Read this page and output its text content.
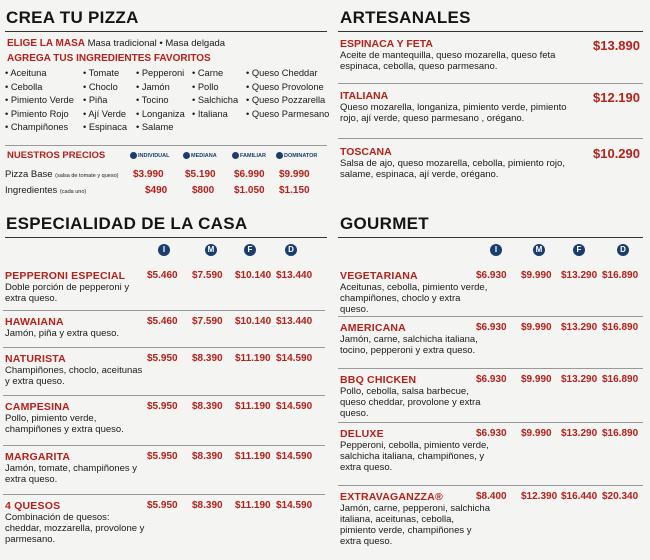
CREA TU PIZZA
ELIGE LA MASA Masa tradicional • Masa delgada
AGREGA TUS INGREDIENTES FAVORITOS
• Aceituna
• Cebolla
• Pimiento Verde
• Pimiento Rojo
• Champiñones
• Tomate
• Choclo
• Piña
• Ají Verde
• Espinaca
• Pepperoni
• Jamón
• Tocino
• Longaniza
• Salame
• Carne
• Pollo
• Salchicha
• Italiana
• Queso Cheddar
• Queso Provolone
• Queso Pozzarella
• Queso Parmesano
NUESTROS PRECIOS	INDIVIDUAL	MEDIANA	FAMILIAR	DOMINATOR
Pizza Base (salsa de tomate y queso) $3.990 $5.190 $6.990 $9.990
Ingredientes (cada uno)	$490 $800 $1.050 $1.150
ARTESANALES
ESPINACA Y FETA
Aceite de mantequilla, queso mozarella, queso feta espinaca, cebolla, queso parmesano.
$13.890
ITALIANA
Queso mozarella, longaniza, pimiento verde, pimiento rojo, ají verde, queso parmesano , orégano.
$12.190
TOSCANA
Salsa de ajo, queso mozarella, cebolla, pimiento rojo, salame, espinaca, ají verde, orégano.
$10.290
ESPECIALIDAD DE LA CASA
I	M	F	D
PEPPERONI ESPECIAL
Doble porción de pepperoni y extra queso.
$5.460 $7.590 $10.140 $13.440
HAWAIANA
Jamón, piña y extra queso.
$5.460 $7.590 $10.140 $13.440
NATURISTA
Champiñones, choclo, aceitunas y extra queso.
$5.950 $8.390 $11.190 $14.590
CAMPESINA
Pollo, pimiento verde, champiñones y extra queso.
$5.950 $8.390 $11.190 $14.590
MARGARITA
Jamón, tomate, champiñones y extra queso.
$5.950 $8.390 $11.190 $14.590
4 QUESOS
Combinación de quesos: cheddar, mozzarella, provolone y parmesano.
$5.950 $8.390 $11.190 $14.590
GOURMET
I	M	F	D
VEGETARIANA
Aceitunas, cebolla, pimiento verde, champiñones, choclo y extra queso.
$6.930 $9.990 $13.290 $16.890
AMERICANA
Jamón, carne, salchicha italiana, tocino, pepperoni y extra queso.
$6.930 $9.990 $13.290 $16.890
BBQ CHICKEN
Pollo, cebolla, salsa barbecue, queso cheddar, provolone y extra queso.
$6.930 $9.990 $13.290 $16.890
DELUXE
Pepperoni, cebolla, pimiento verde, salchicha italiana, champiñones, y extra queso.
$6.930 $9.990 $13.290 $16.890
EXTRAVAGANZZA®
Jamón, carne, pepperoni, salchicha italiana, aceitunas, cebolla, pimiento verde, champiñones y extra queso.
$8.400 $12.390 $16.440 $20.340
